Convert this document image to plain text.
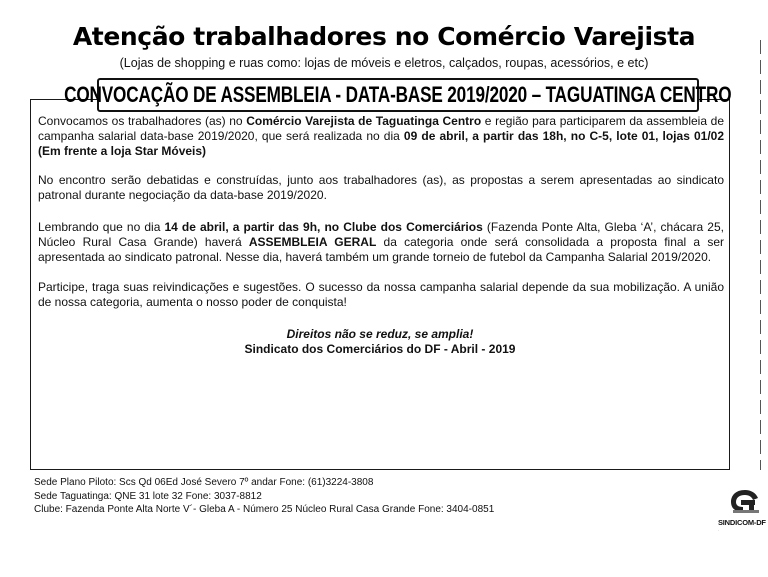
Atenção trabalhadores no Comércio Varejista
(Lojas de shopping e ruas como: lojas de móveis e eletros, calçados, roupas, acessórios, e etc)
CONVOCAÇÃO DE ASSEMBLEIA - DATA-BASE 2019/2020 – TAGUATINGA CENTRO

Convocamos os trabalhadores (as) no Comércio Varejista de Taguatinga Centro e região para participarem da assembleia de campanha salarial data-base 2019/2020, que será realizada no dia 09 de abril, a partir das 18h, no C-5, lote 01, lojas 01/02 (Em frente a loja Star Móveis)

No encontro serão debatidas e construídas, junto aos trabalhadores (as), as propostas a serem apresentadas ao sindicato patronal durante negociação da data-base 2019/2020.

Lembrando que no dia 14 de abril, a partir das 9h, no Clube dos Comerciários (Fazenda Ponte Alta, Gleba ‘A’, chácara 25, Núcleo Rural Casa Grande) haverá ASSEMBLEIA GERAL da categoria onde será consolidada a proposta final a ser apresentada ao sindicato patronal. Nesse dia, haverá também um grande torneio de futebol da Campanha Salarial 2019/2020.

Participe, traga suas reivindicações e sugestões. O sucesso da nossa campanha salarial depende da sua mobilização. A união de nossa categoria, aumenta o nosso poder de conquista!

Direitos não se reduz, se amplia!
Sindicato dos Comerciários do DF - Abril - 2019
Sede Plano Piloto: Scs Qd 06Ed José Severo 7º andar Fone: (61)3224-3808
Sede Taguatinga: QNE 31 lote 32 Fone: 3037-8812
Clube: Fazenda Ponte Alta Norte V´- Gleba A - Número 25 Núcleo Rural Casa Grande Fone: 3404-0851
SINDICOM-DF
.
